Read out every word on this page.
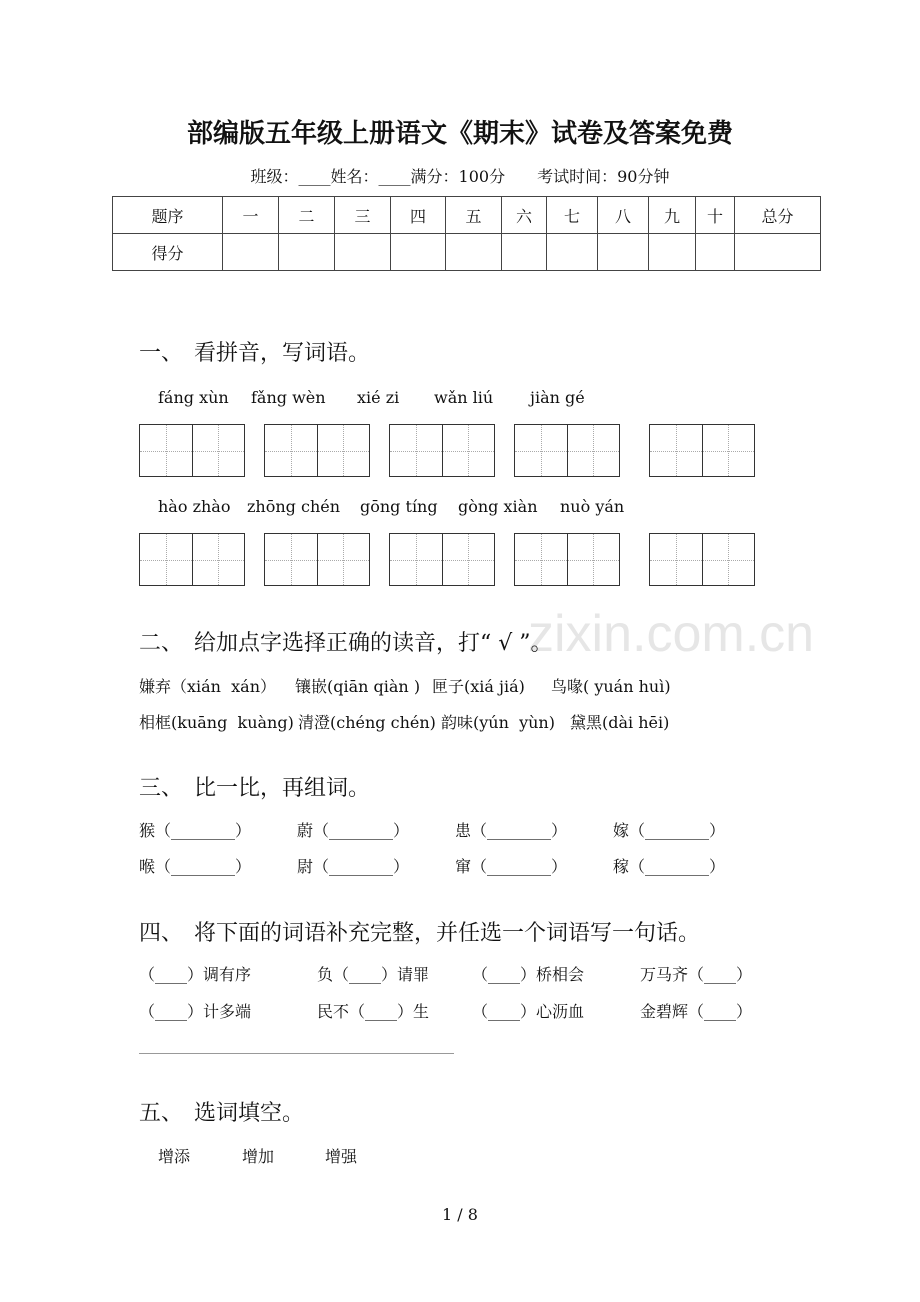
zixin.com.cn
部编版五年级上册语文《期末》试卷及答案免费
班级：____姓名：____满分：100分　　考试时间：90分钟
题序	一	二	三	四	五	六	七	八	九	十	总分
得分											
一、　看拼音，写词语。
fáng xùn fǎng wèn xié zi wǎn liú jiàn gé
hào zhào zhōng chén gōng tíng gòng xiàn nuò yán
二、　给加点字选择正确的读音，打“ √ ”。
嫌弃（xián  xán） 镶嵌(qiān qiàn ) 匣子(xiá jiá) 鸟喙( yuán huì)
相框(kuāng  kuàng) 清澄(chéng chén) 韵味(yún  yùn) 黛黑(dài hēi)
三、　比一比，再组词。
猴（________）	蔚（________）	患（________）	嫁（________）
喉（________）	尉（________）	窜（________）	稼（________）
四、　将下面的词语补充完整，并任选一个词语写一句话。
（____）调有序	负（____）请罪	（____）桥相会	万马齐（____）
（____）计多端	民不（____）生	（____）心沥血	金碧辉（____）
五、　选词填空。
增添	增加	增强
1 / 8
